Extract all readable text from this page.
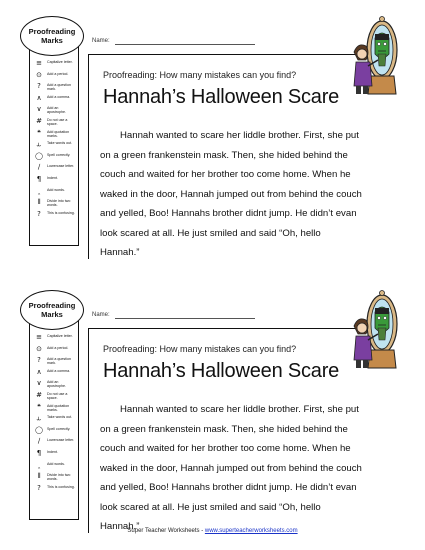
Proofreading
Marks
≡	Capitalize letter.
⊙	Add a period.
?	Add a question mark.
∧	Add a comma.
∨	Add an apostrophe.
#	Do not use a space.
❝	Add quotation marks.
⥿	Take words out.
◯	Spell correctly.
∕	Lowercase letter.
¶	Indent.
‸	Add words.
⦀	Divide into two words.
?	This is confusing.
Name:
Proofreading: How many mistakes can you find?
Hannah’s Halloween Scare
Hannah wanted to scare her liddle brother. First, she put on a green frankenstein mask. Then, she hided behind the couch and waited for her brother too come home. When he waked in the door, Hannah jumped out from behind the couch and yelled, Boo! Hannahs brother didnt jump. He didn’t evan look scared at all. He just smiled and said “Oh, hello Hannah.”
Proofreading
Marks
≡	Capitalize letter.
⊙	Add a period.
?	Add a question mark.
∧	Add a comma.
∨	Add an apostrophe.
#	Do not use a space.
❝	Add quotation marks.
⥿	Take words out.
◯	Spell correctly.
∕	Lowercase letter.
¶	Indent.
‸	Add words.
⦀	Divide into two words.
?	This is confusing.
Name:
Proofreading: How many mistakes can you find?
Hannah’s Halloween Scare
Hannah wanted to scare her liddle brother. First, she put on a green frankenstein mask. Then, she hided behind the couch and waited for her brother too come home. When he waked in the door, Hannah jumped out from behind the couch and yelled, Boo! Hannahs brother didnt jump. He didn’t evan look scared at all. He just smiled and said “Oh, hello Hannah.”
Super Teacher Worksheets - www.superteacherworksheets.com
